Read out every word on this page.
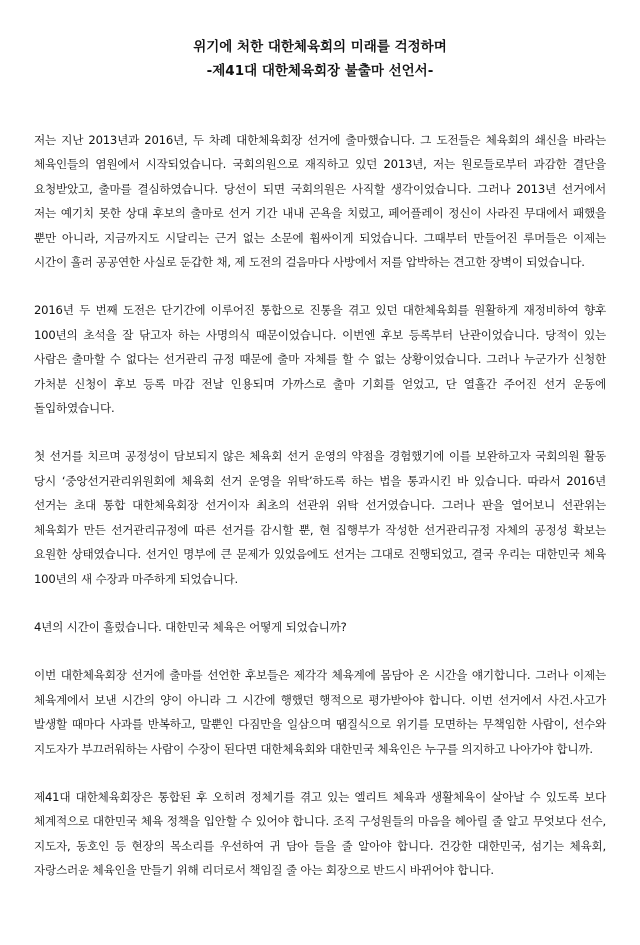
위기에 처한 대한체육회의 미래를 걱정하며
-제41대 대한체육회장 불출마 선언서-

저는 지난 2013년과 2016년, 두 차례 대한체육회장 선거에 출마했습니다. 그 도전들은 체육회의 쇄신을 바라는 체육인들의 염원에서 시작되었습니다. 국회의원으로 재직하고 있던 2013년, 저는 원로들로부터 과감한 결단을 요청받았고, 출마를 결심하였습니다. 당선이 되면 국회의원은 사직할 생각이었습니다. 그러나 2013년 선거에서 저는 예기치 못한 상대 후보의 출마로 선거 기간 내내 곤욕을 치렀고, 페어플레이 정신이 사라진 무대에서 패했을 뿐만 아니라, 지금까지도 시달리는 근거 없는 소문에 휩싸이게 되었습니다. 그때부터 만들어진 루머들은 이제는 시간이 흘러 공공연한 사실로 둔갑한 채, 제 도전의 걸음마다 사방에서 저를 압박하는 견고한 장벽이 되었습니다.

2016년 두 번째 도전은 단기간에 이루어진 통합으로 진통을 겪고 있던 대한체육회를 원활하게 재정비하여 향후 100년의 초석을 잘 닦고자 하는 사명의식 때문이었습니다. 이번엔 후보 등록부터 난관이었습니다. 당적이 있는 사람은 출마할 수 없다는 선거관리 규정 때문에 출마 자체를 할 수 없는 상황이었습니다. 그러나 누군가가 신청한 가처분 신청이 후보 등록 마감 전날 인용되며 가까스로 출마 기회를 얻었고, 단 열흘간 주어진 선거 운동에 돌입하였습니다.

첫 선거를 치르며 공정성이 담보되지 않은 체육회 선거 운영의 약점을 경험했기에 이를 보완하고자 국회의원 활동 당시 ‘중앙선거관리위원회에 체육회 선거 운영을 위탁’하도록 하는 법을 통과시킨 바 있습니다. 따라서 2016년 선거는 초대 통합 대한체육회장 선거이자 최초의 선관위 위탁 선거였습니다. 그러나 판을 열어보니 선관위는 체육회가 만든 선거관리규정에 따른 선거를 감시할 뿐, 현 집행부가 작성한 선거관리규정 자체의 공정성 확보는 요원한 상태였습니다. 선거인 명부에 큰 문제가 있었음에도 선거는 그대로 진행되었고, 결국 우리는 대한민국 체육 100년의 새 수장과 마주하게 되었습니다.

4년의 시간이 흘렀습니다. 대한민국 체육은 어떻게 되었습니까?

이번 대한체육회장 선거에 출마를 선언한 후보들은 제각각 체육계에 몸담아 온 시간을 얘기합니다. 그러나 이제는 체육계에서 보낸 시간의 양이 아니라 그 시간에 행했던 행적으로 평가받아야 합니다. 이번 선거에서 사건.사고가 발생할 때마다 사과를 반복하고, 말뿐인 다짐만을 일삼으며 땜질식으로 위기를 모면하는 무책임한 사람이, 선수와 지도자가 부끄러워하는 사람이 수장이 된다면 대한체육회와 대한민국 체육인은 누구를 의지하고 나아가야 합니까.

제41대 대한체육회장은 통합된 후 오히려 정체기를 겪고 있는 엘리트 체육과 생활체육이 살아날 수 있도록 보다 체계적으로 대한민국 체육 정책을 입안할 수 있어야 합니다. 조직 구성원들의 마음을 헤아릴 줄 알고 무엇보다 선수, 지도자, 동호인 등 현장의 목소리를 우선하여 귀 담아 들을 줄 알아야 합니다. 건강한 대한민국, 섬기는 체육회, 자랑스러운 체육인을 만들기 위해 리더로서 책임질 줄 아는 회장으로 반드시 바뀌어야 합니다.
